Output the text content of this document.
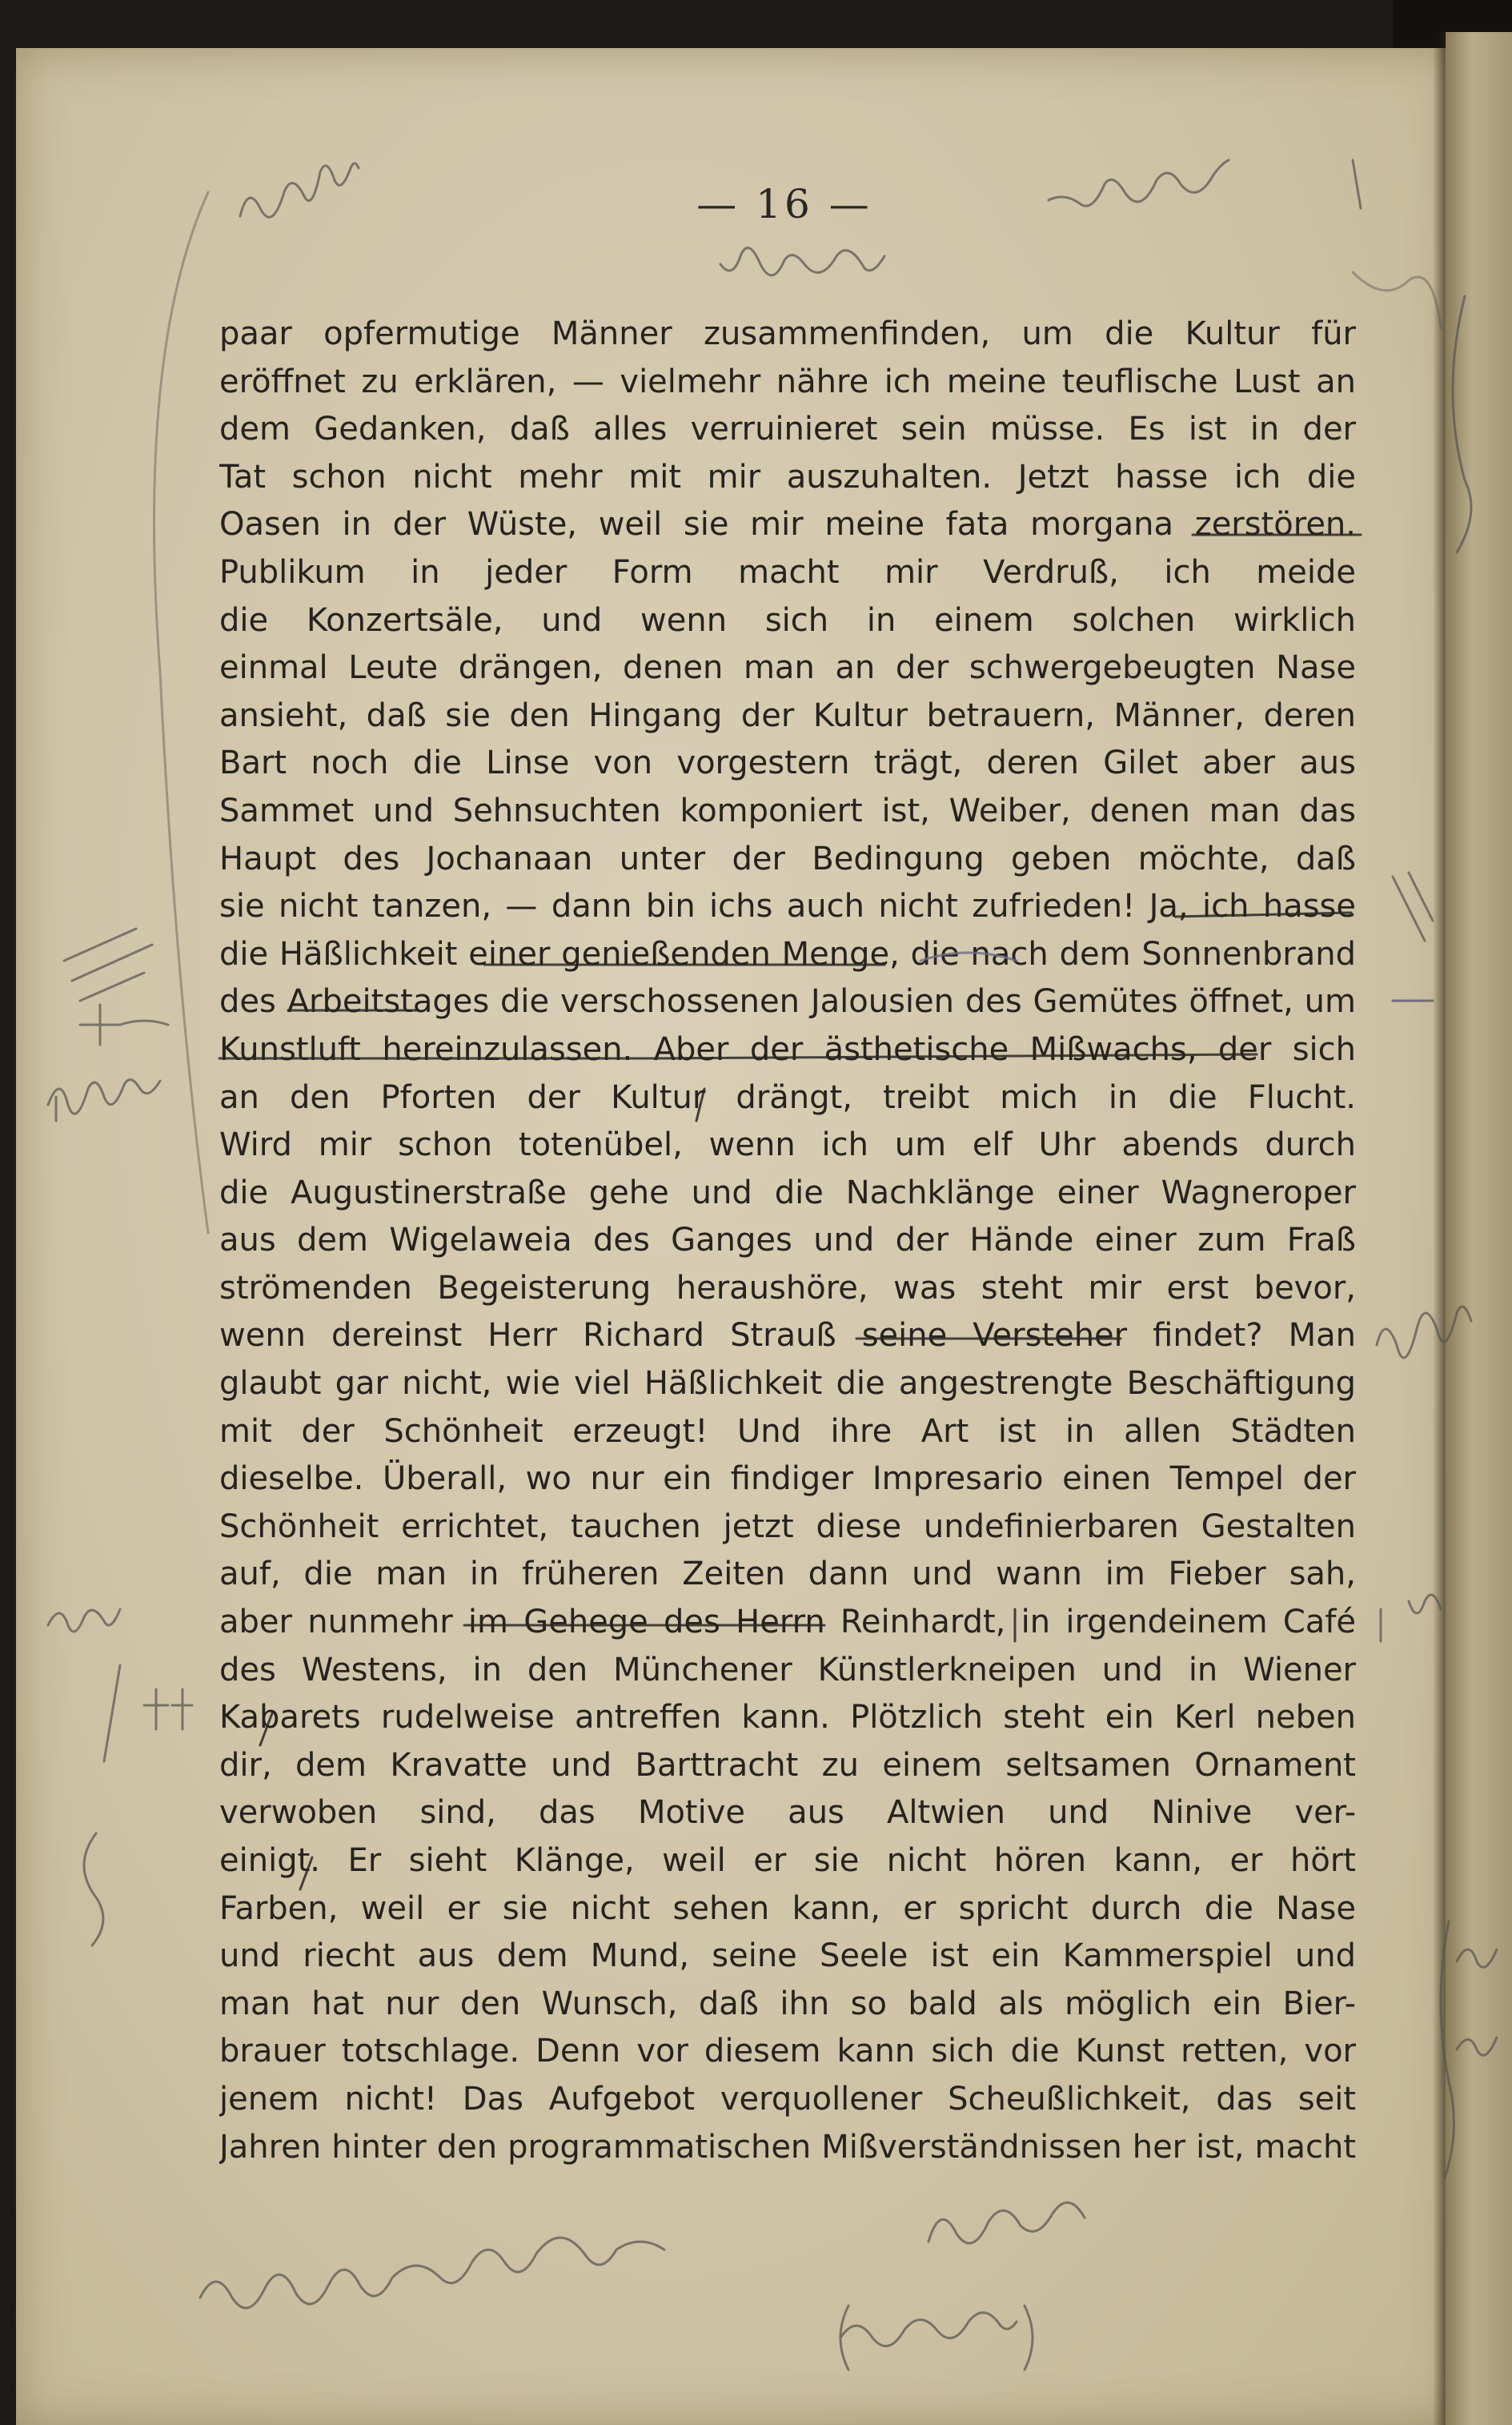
— 16 —
paar opfermutige Männer zusammenfinden, um die Kultur für
eröffnet zu erklären, — vielmehr nähre ich meine teuflische Lust an
dem Gedanken, daß alles verruinieret sein müsse. Es ist in der
Tat schon nicht mehr mit mir auszuhalten. Jetzt hasse ich die
Oasen in der Wüste, weil sie mir meine fata morgana zerstören.
Publikum in jeder Form macht mir Verdruß, ich meide
die Konzertsäle, und wenn sich in einem solchen wirklich
einmal Leute drängen, denen man an der schwergebeugten Nase
ansieht, daß sie den Hingang der Kultur betrauern, Männer, deren
Bart noch die Linse von vorgestern trägt, deren Gilet aber aus
Sammet und Sehnsuchten komponiert ist, Weiber, denen man das
Haupt des Jochanaan unter der Bedingung geben möchte, daß
sie nicht tanzen, — dann bin ichs auch nicht zufrieden! Ja, ich hasse
die Häßlichkeit einer genießenden Menge, die nach dem Sonnenbrand
des Arbeitstages die verschossenen Jalousien des Gemütes öffnet, um
Kunstluft hereinzulassen. Aber der ästhetische Mißwachs, der sich
an den Pforten der Kultur drängt, treibt mich in die Flucht.
Wird mir schon totenübel, wenn ich um elf Uhr abends durch
die Augustinerstraße gehe und die Nachklänge einer Wagneroper
aus dem Wigelaweia des Ganges und der Hände einer zum Fraß
strömenden Begeisterung heraushöre, was steht mir erst bevor,
wenn dereinst Herr Richard Strauß seine Versteher findet? Man
glaubt gar nicht, wie viel Häßlichkeit die angestrengte Beschäftigung
mit der Schönheit erzeugt! Und ihre Art ist in allen Städten
dieselbe. Überall, wo nur ein findiger Impresario einen Tempel der
Schönheit errichtet, tauchen jetzt diese undefinierbaren Gestalten
auf, die man in früheren Zeiten dann und wann im Fieber sah,
aber nunmehr im Gehege des Herrn Reinhardt, in irgendeinem Café
des Westens, in den Münchener Künstlerkneipen und in Wiener
Kabarets rudelweise antreffen kann. Plötzlich steht ein Kerl neben
dir, dem Kravatte und Barttracht zu einem seltsamen Ornament
verwoben sind, das Motive aus Altwien und Ninive ver-
einigt. Er sieht Klänge, weil er sie nicht hören kann, er hört
Farben, weil er sie nicht sehen kann, er spricht durch die Nase
und riecht aus dem Mund, seine Seele ist ein Kammerspiel und
man hat nur den Wunsch, daß ihn so bald als möglich ein Bier-
brauer totschlage. Denn vor diesem kann sich die Kunst retten, vor
jenem nicht! Das Aufgebot verquollener Scheußlichkeit, das seit
Jahren hinter den programmatischen Mißverständnissen her ist, macht
